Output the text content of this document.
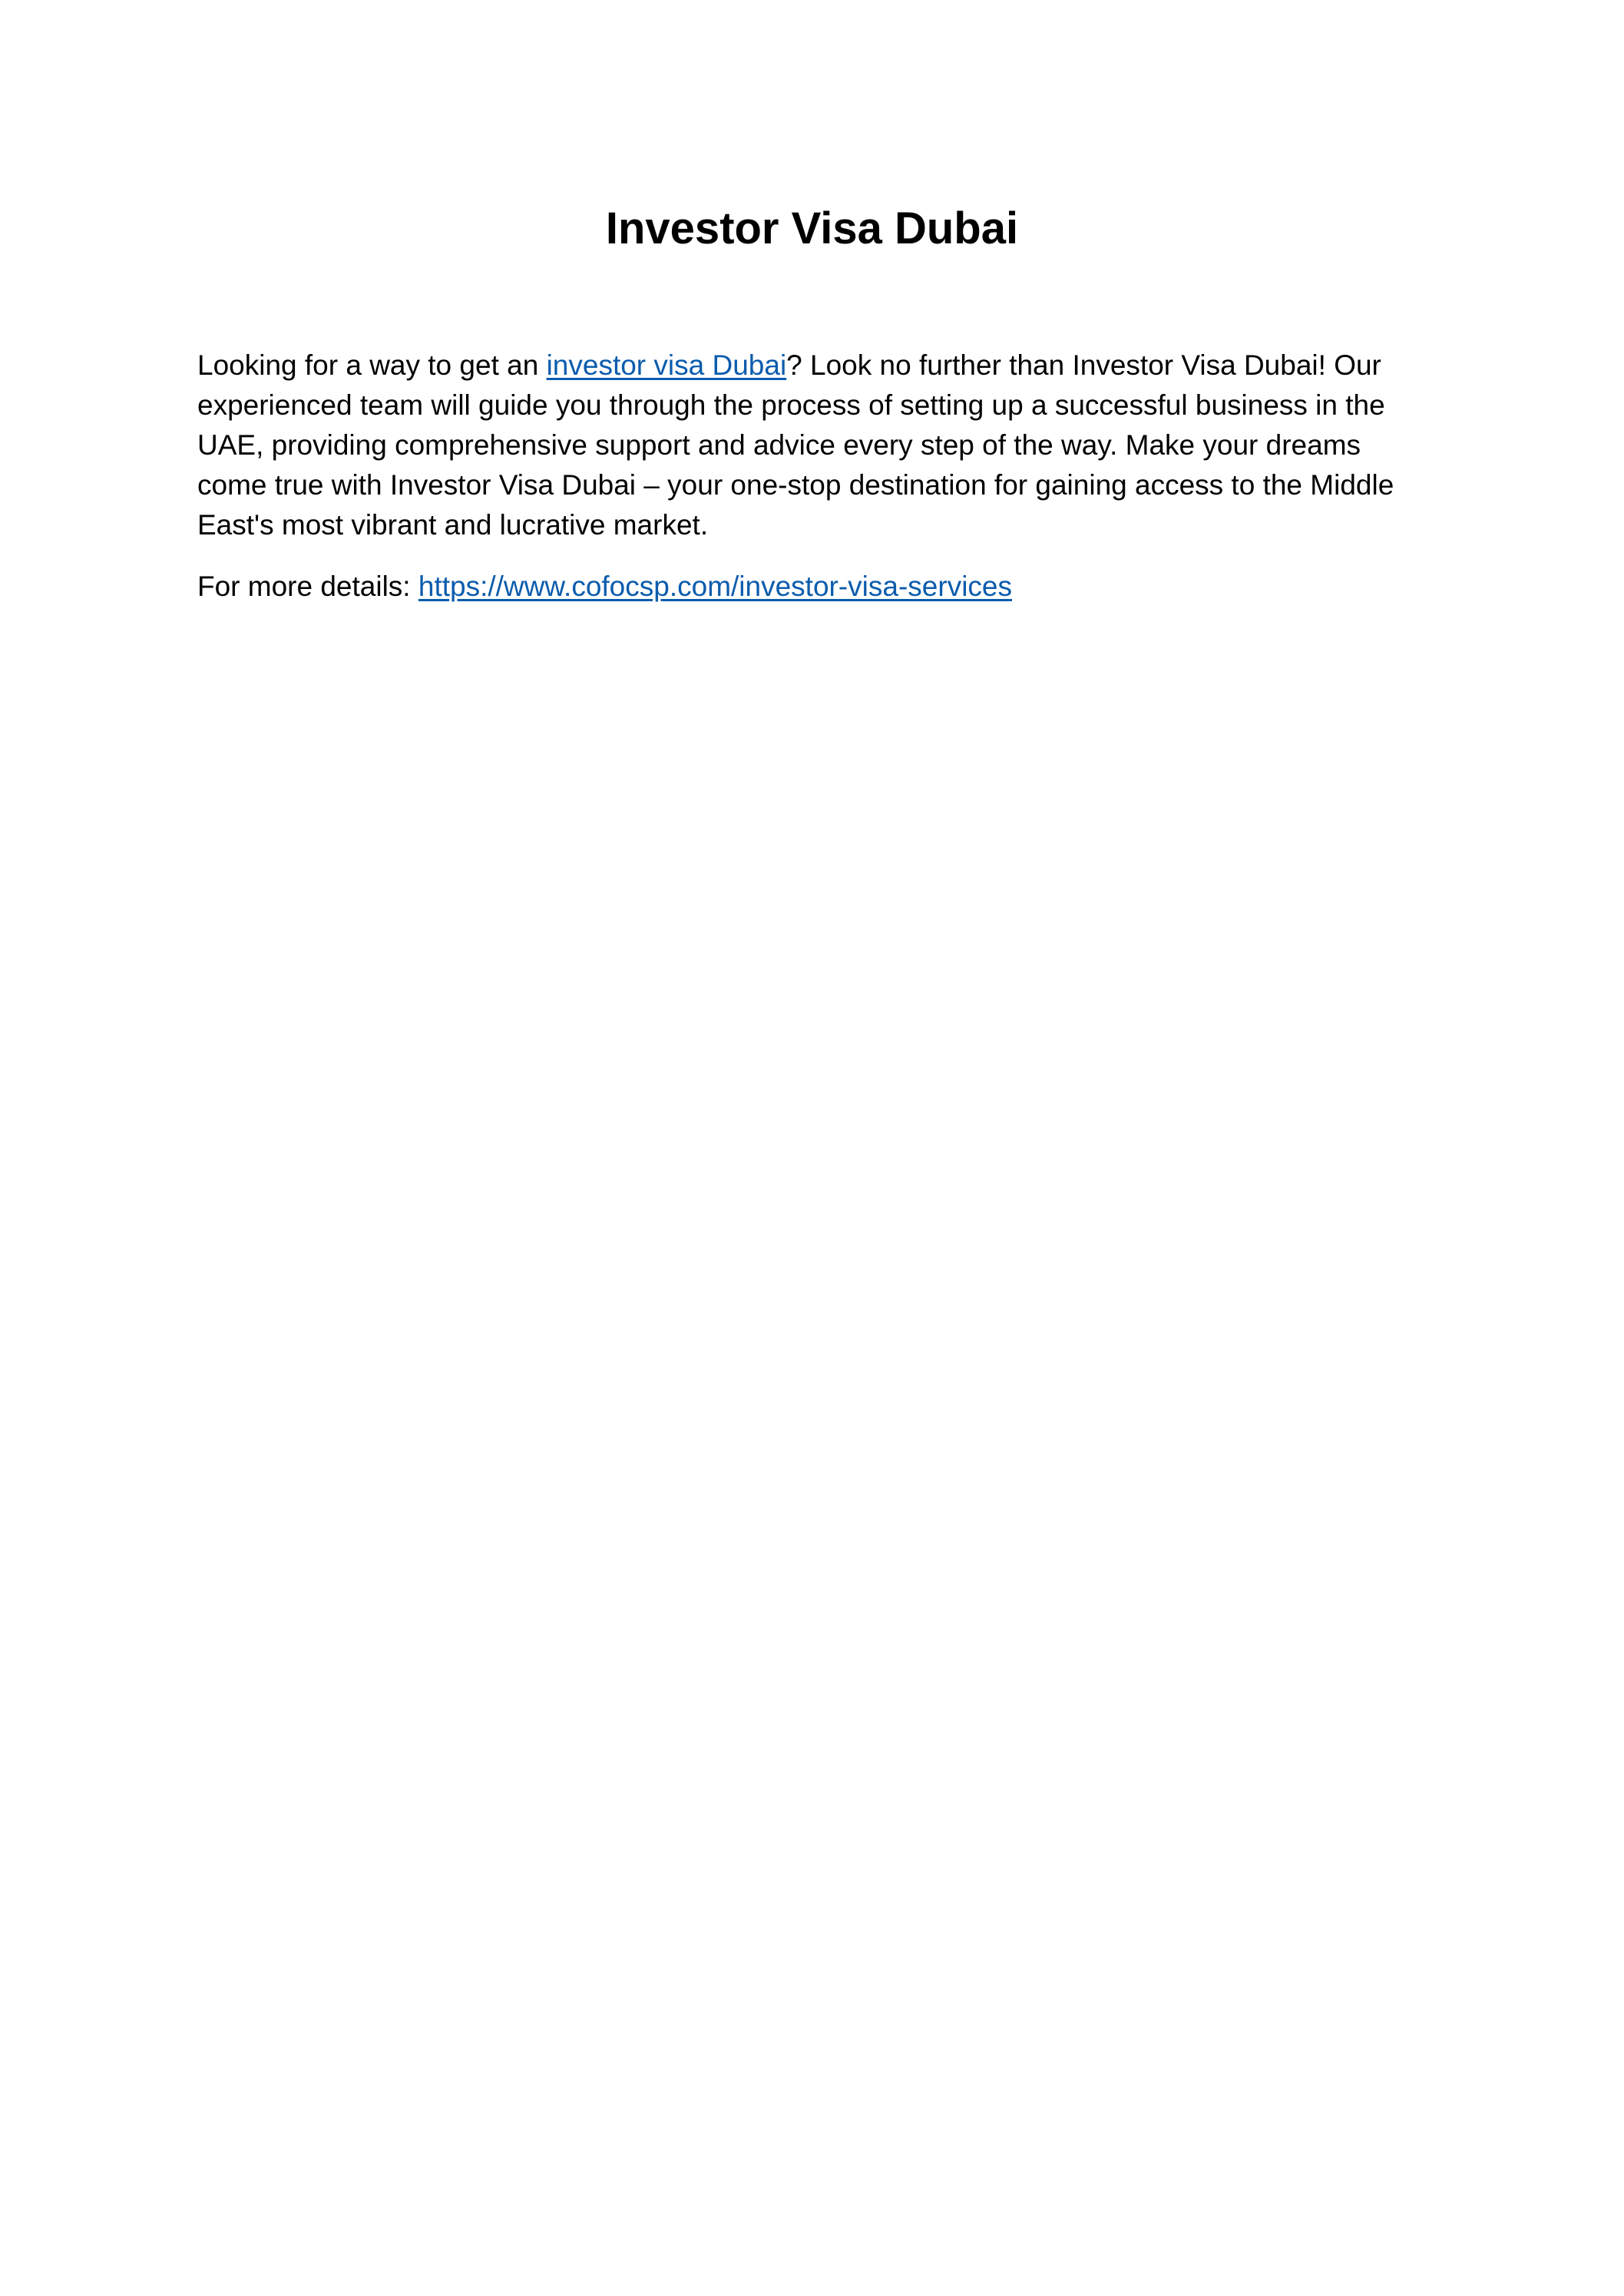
Investor Visa Dubai

Looking for a way to get an investor visa Dubai? Look no further than Investor Visa Dubai! Our experienced team will guide you through the process of setting up a successful business in the UAE, providing comprehensive support and advice every step of the way. Make your dreams come true with Investor Visa Dubai – your one-stop destination for gaining access to the Middle East's most vibrant and lucrative market.

For more details: https://www.cofocsp.com/investor-visa-services
